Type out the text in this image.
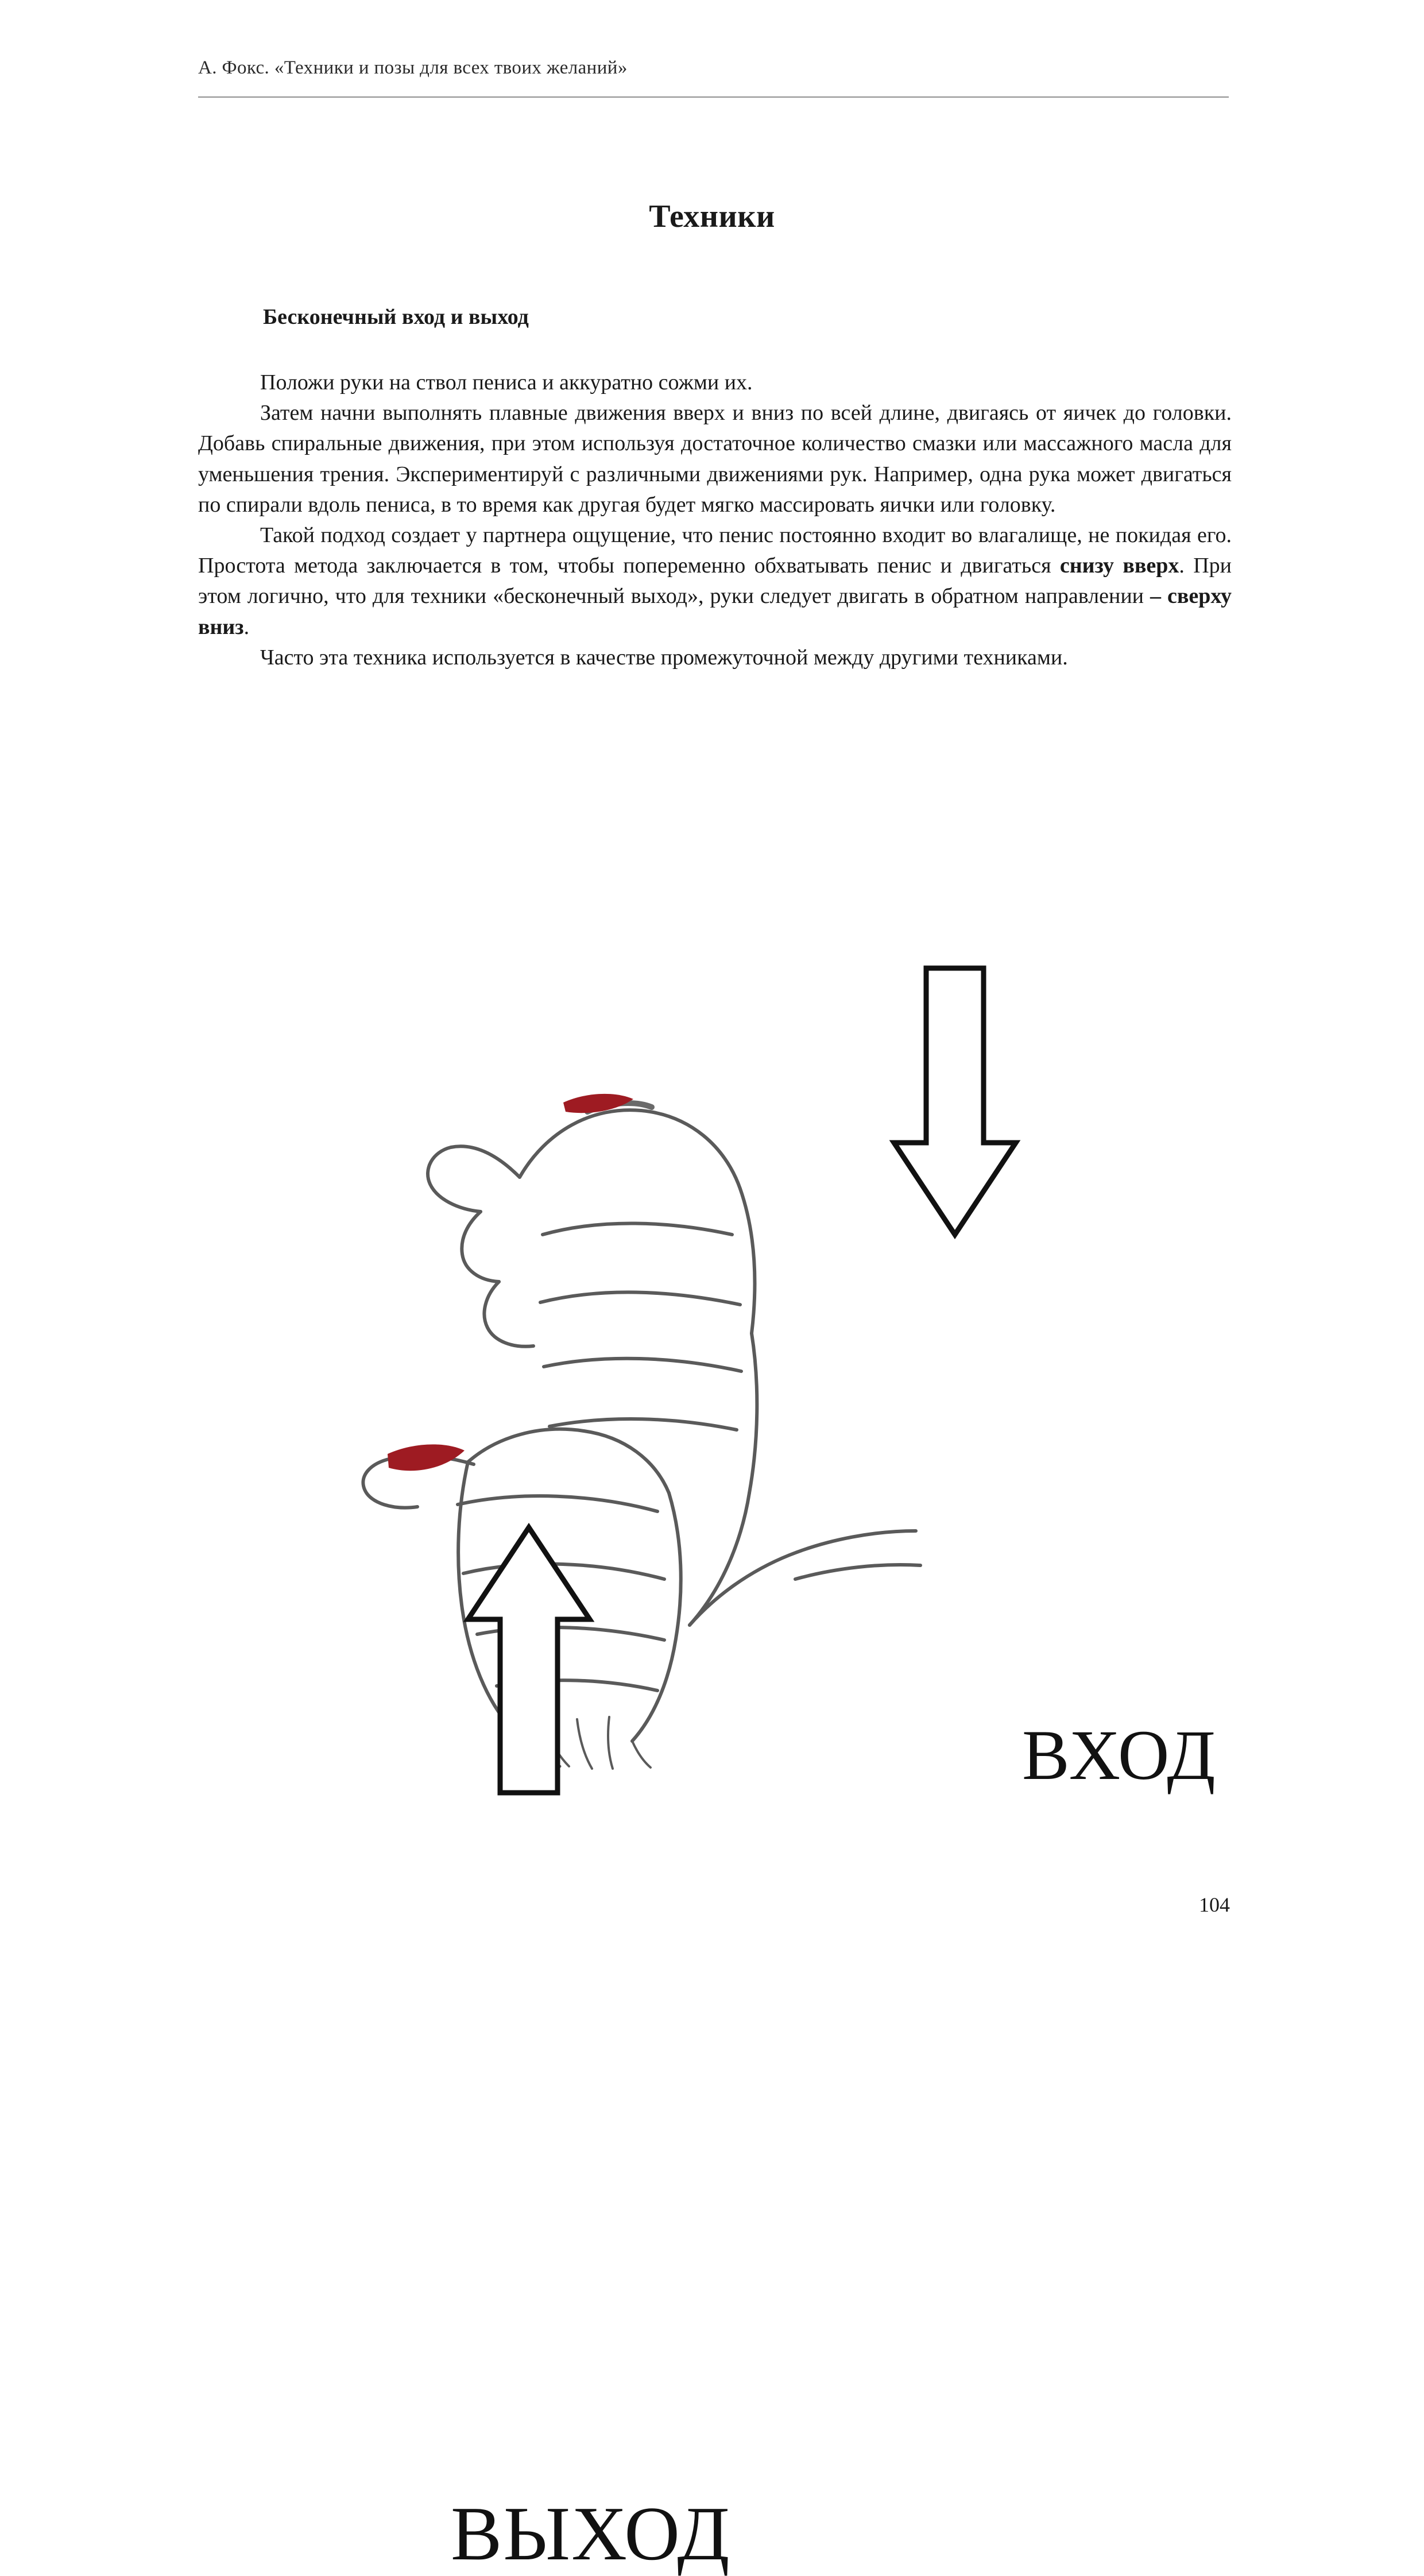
А. Фокс. «Техники и позы для всех твоих желаний»
Техники
Бесконечный вход и выход

Положи руки на ствол пениса и аккуратно сожми их.

Затем начни выполнять плавные движения вверх и вниз по всей длине, двигаясь от яичек до головки. Добавь спиральные движения, при этом используя достаточное количество смазки или массажного масла для уменьшения трения. Экспериментируй с различными движениями рук. Например, одна рука может двигаться по спирали вдоль пениса, в то время как другая будет мягко массировать яички или головку.

Такой подход создает у партнера ощущение, что пенис постоянно входит во влагалище, не покидая его. Простота метода заключается в том, чтобы попеременно обхватывать пенис и двигаться снизу вверх. При этом логично, что для техники «бесконечный выход», руки следует двигать в обратном направлении – сверху вниз.

Часто эта техника используется в качестве промежуточной между другими техниками.

ВХОД
ВЫХОД
104
